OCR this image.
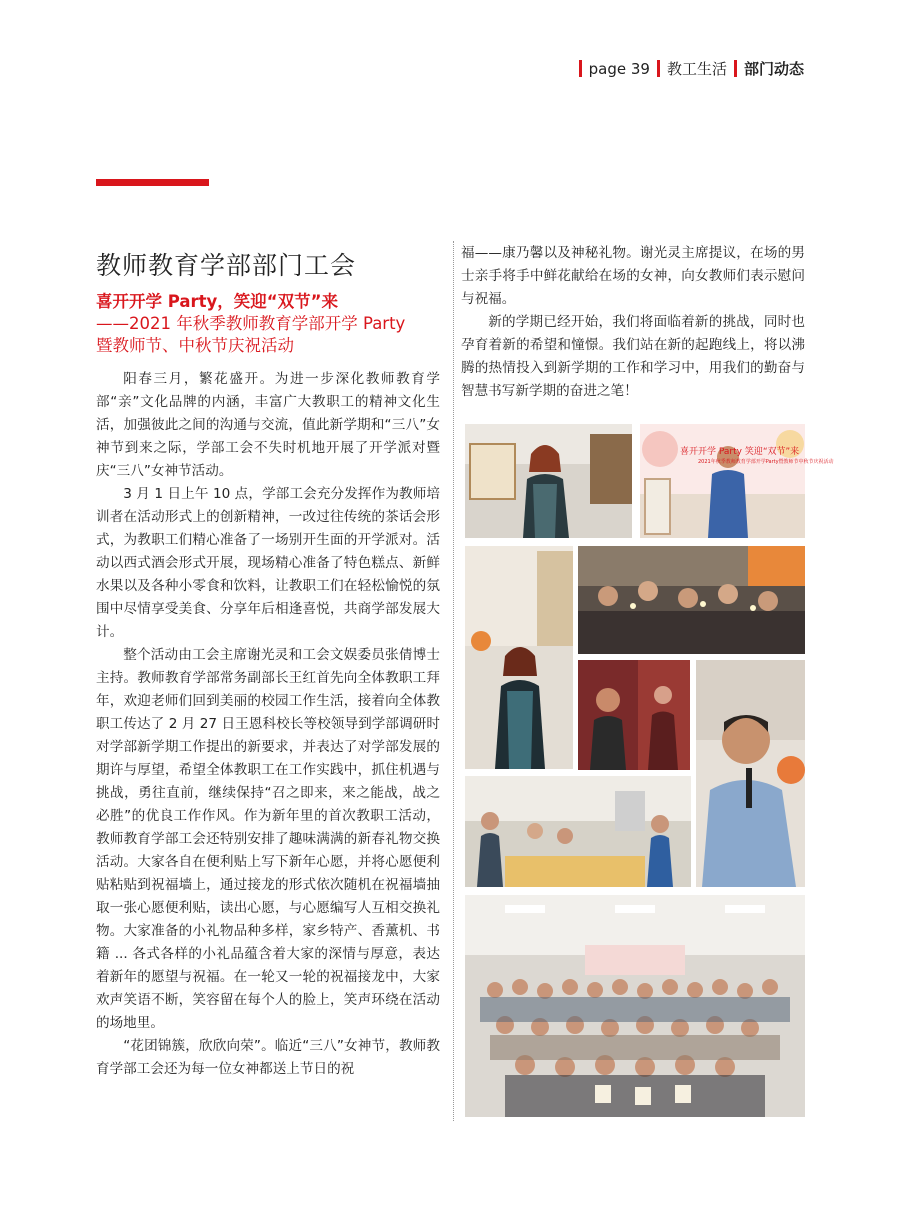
page 39 教工生活 部门动态
教师教育学部部门工会
喜开开学 Party，笑迎“双节”来
——2021 年秋季教师教育学部开学 Party
暨教师节、中秋节庆祝活动

阳春三月，繁花盛开。为进一步深化教师教育学部“亲”文化品牌的内涵，丰富广大教职工的精神文化生活，加强彼此之间的沟通与交流，值此新学期和“三八”女神节到来之际，学部工会不失时机地开展了开学派对暨庆“三八”女神节活动。

3 月 1 日上午 10 点，学部工会充分发挥作为教师培训者在活动形式上的创新精神，一改过往传统的茶话会形式，为教职工们精心准备了一场别开生面的开学派对。活动以西式酒会形式开展，现场精心准备了特色糕点、新鲜水果以及各种小零食和饮料，让教职工们在轻松愉悦的氛围中尽情享受美食、分享年后相逢喜悦，共商学部发展大计。

整个活动由工会主席谢光灵和工会文娱委员张倩博士主持。教师教育学部常务副部长王红首先向全体教职工拜年，欢迎老师们回到美丽的校园工作生活，接着向全体教职工传达了 2 月 27 日王恩科校长等校领导到学部调研时对学部新学期工作提出的新要求，并表达了对学部发展的期许与厚望，希望全体教职工在工作实践中，抓住机遇与挑战，勇往直前，继续保持“召之即来，来之能战，战之必胜”的优良工作作风。作为新年里的首次教职工活动，教师教育学部工会还特别安排了趣味满满的新春礼物交换活动。大家各自在便利贴上写下新年心愿，并将心愿便利贴粘贴到祝福墙上，通过接龙的形式依次随机在祝福墙抽取一张心愿便利贴，读出心愿，与心愿编写人互相交换礼物。大家准备的小礼物品种多样，家乡特产、香薰机、书籍 ... 各式各样的小礼品蕴含着大家的深情与厚意，表达着新年的愿望与祝福。在一轮又一轮的祝福接龙中，大家欢声笑语不断，笑容留在每个人的脸上，笑声环绕在活动的场地里。

“花团锦簇，欣欣向荣”。临近“三八”女神节，教师教育学部工会还为每一位女神都送上节日的祝

福——康乃馨以及神秘礼物。谢光灵主席提议，在场的男士亲手将手中鲜花献给在场的女神，向女教师们表示慰问与祝福。

新的学期已经开始，我们将面临着新的挑战，同时也孕育着新的希望和憧憬。我们站在新的起跑线上，将以沸腾的热情投入到新学期的工作和学习中，用我们的勤奋与智慧书写新学期的奋进之笔！

喜开开学 Party 笑迎“双节”来
2021年秋季教师教育学部开学Party暨教师节中秋节庆祝活动
